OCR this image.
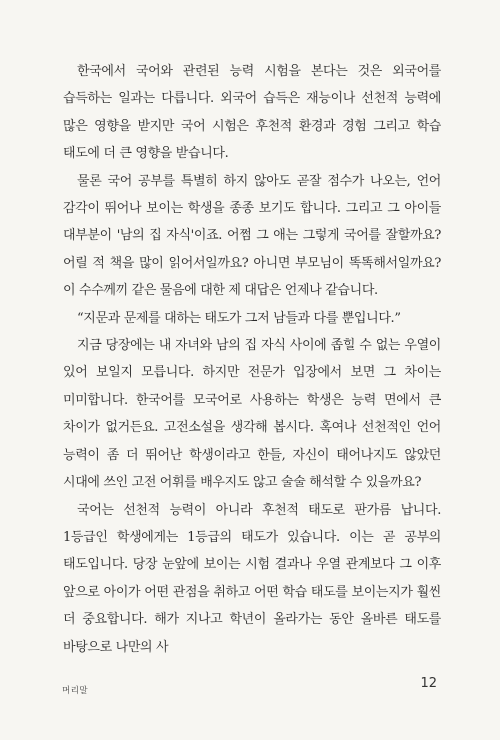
한국에서 국어와 관련된 능력 시험을 본다는 것은 외국어를 습득하는 일과는 다릅니다. 외국어 습득은 재능이나 선천적 능력에 많은 영향을 받지만 국어 시험은 후천적 환경과 경험 그리고 학습 태도에 더 큰 영향을 받습니다.

물론 국어 공부를 특별히 하지 않아도 곧잘 점수가 나오는, 언어 감각이 뛰어나 보이는 학생을 종종 보기도 합니다. 그리고 그 아이들 대부분이 '남의 집 자식'이죠. 어쩜 그 애는 그렇게 국어를 잘할까요? 어릴 적 책을 많이 읽어서일까요? 아니면 부모님이 똑똑해서일까요? 이 수수께끼 같은 물음에 대한 제 대답은 언제나 같습니다.

“지문과 문제를 대하는 태도가 그저 남들과 다를 뿐입니다.”

지금 당장에는 내 자녀와 남의 집 자식 사이에 좁힐 수 없는 우열이 있어 보일지 모릅니다. 하지만 전문가 입장에서 보면 그 차이는 미미합니다. 한국어를 모국어로 사용하는 학생은 능력 면에서 큰 차이가 없거든요. 고전소설을 생각해 봅시다. 혹여나 선천적인 언어 능력이 좀 더 뛰어난 학생이라고 한들, 자신이 태어나지도 않았던 시대에 쓰인 고전 어휘를 배우지도 않고 술술 해석할 수 있을까요?

국어는 선천적 능력이 아니라 후천적 태도로 판가름 납니다. 1등급인 학생에게는 1등급의 태도가 있습니다. 이는 곧 공부의 태도입니다. 당장 눈앞에 보이는 시험 결과나 우열 관계보다 그 이후 앞으로 아이가 어떤 관점을 취하고 어떤 학습 태도를 보이는지가 훨씬 더 중요합니다. 해가 지나고 학년이 올라가는 동안 올바른 태도를 바탕으로 나만의 사

머리말	12
